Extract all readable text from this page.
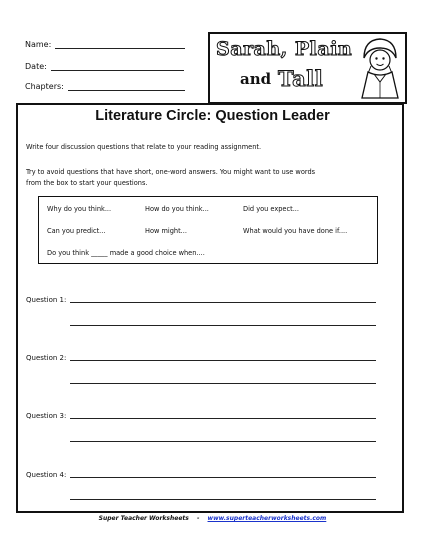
Name:
Date:
Chapters:
Sarah, Plain
and Tall
Literature Circle: Question Leader
Write four discussion questions that relate to your reading assignment.
Try to avoid questions that have short, one-word answers. You might want to use words
from the box to start your questions.
Why do you think...	How do you think...	Did you expect...
Can you predict...	How might...	What would you have done if....
Do you think _____ made a good choice when....
Question 1:
Question 2:
Question 3:
Question 4:
Super Teacher Worksheets - www.superteacherworksheets.com
